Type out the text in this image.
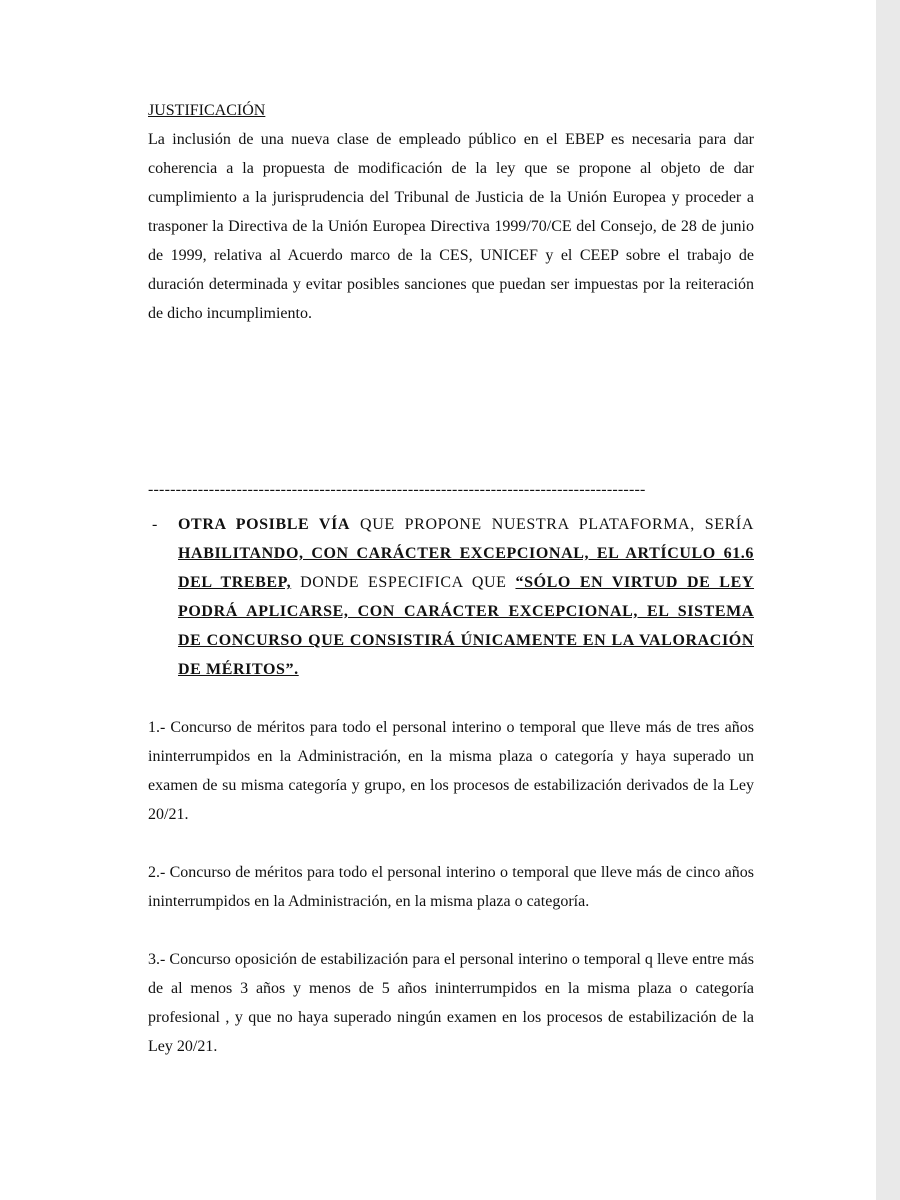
JUSTIFICACIÓN

La inclusión de una nueva clase de empleado público en el EBEP es necesaria para dar coherencia a la propuesta de modificación de la ley que se propone al objeto de dar cumplimiento a la jurisprudencia del Tribunal de Justicia de la Unión Europea y proceder a trasponer la Directiva de la Unión Europea Directiva 1999/70/CE del Consejo, de 28 de junio de 1999, relativa al Acuerdo marco de la CES, UNICEF y el CEEP sobre el trabajo de duración determinada y evitar posibles sanciones que puedan ser impuestas por la reiteración de dicho incumplimiento.

------------------------------------------------------------------------------------------

- OTRA POSIBLE VÍA QUE PROPONE NUESTRA PLATAFORMA, SERÍA HABILITANDO, CON CARÁCTER EXCEPCIONAL, EL ARTÍCULO 61.6 DEL TREBEP, DONDE ESPECIFICA QUE “SÓLO EN VIRTUD DE LEY PODRÁ APLICARSE, CON CARÁCTER EXCEPCIONAL, EL SISTEMA DE CONCURSO QUE CONSISTIRÁ ÚNICAMENTE EN LA VALORACIÓN DE MÉRITOS”.

1.- Concurso de méritos para todo el personal interino o temporal que lleve más de tres años ininterrumpidos en la Administración, en la misma plaza o categoría y haya superado un examen de su misma categoría y grupo, en los procesos de estabilización derivados de la Ley 20/21.

2.- Concurso de méritos para todo el personal interino o temporal que lleve más de cinco años ininterrumpidos en la Administración, en la misma plaza o categoría.

3.- Concurso oposición de estabilización para el personal interino o temporal q lleve entre más de al menos 3 años y menos de 5 años ininterrumpidos en la misma plaza o categoría profesional , y que no haya superado ningún examen en los procesos de estabilización de la Ley 20/21.
